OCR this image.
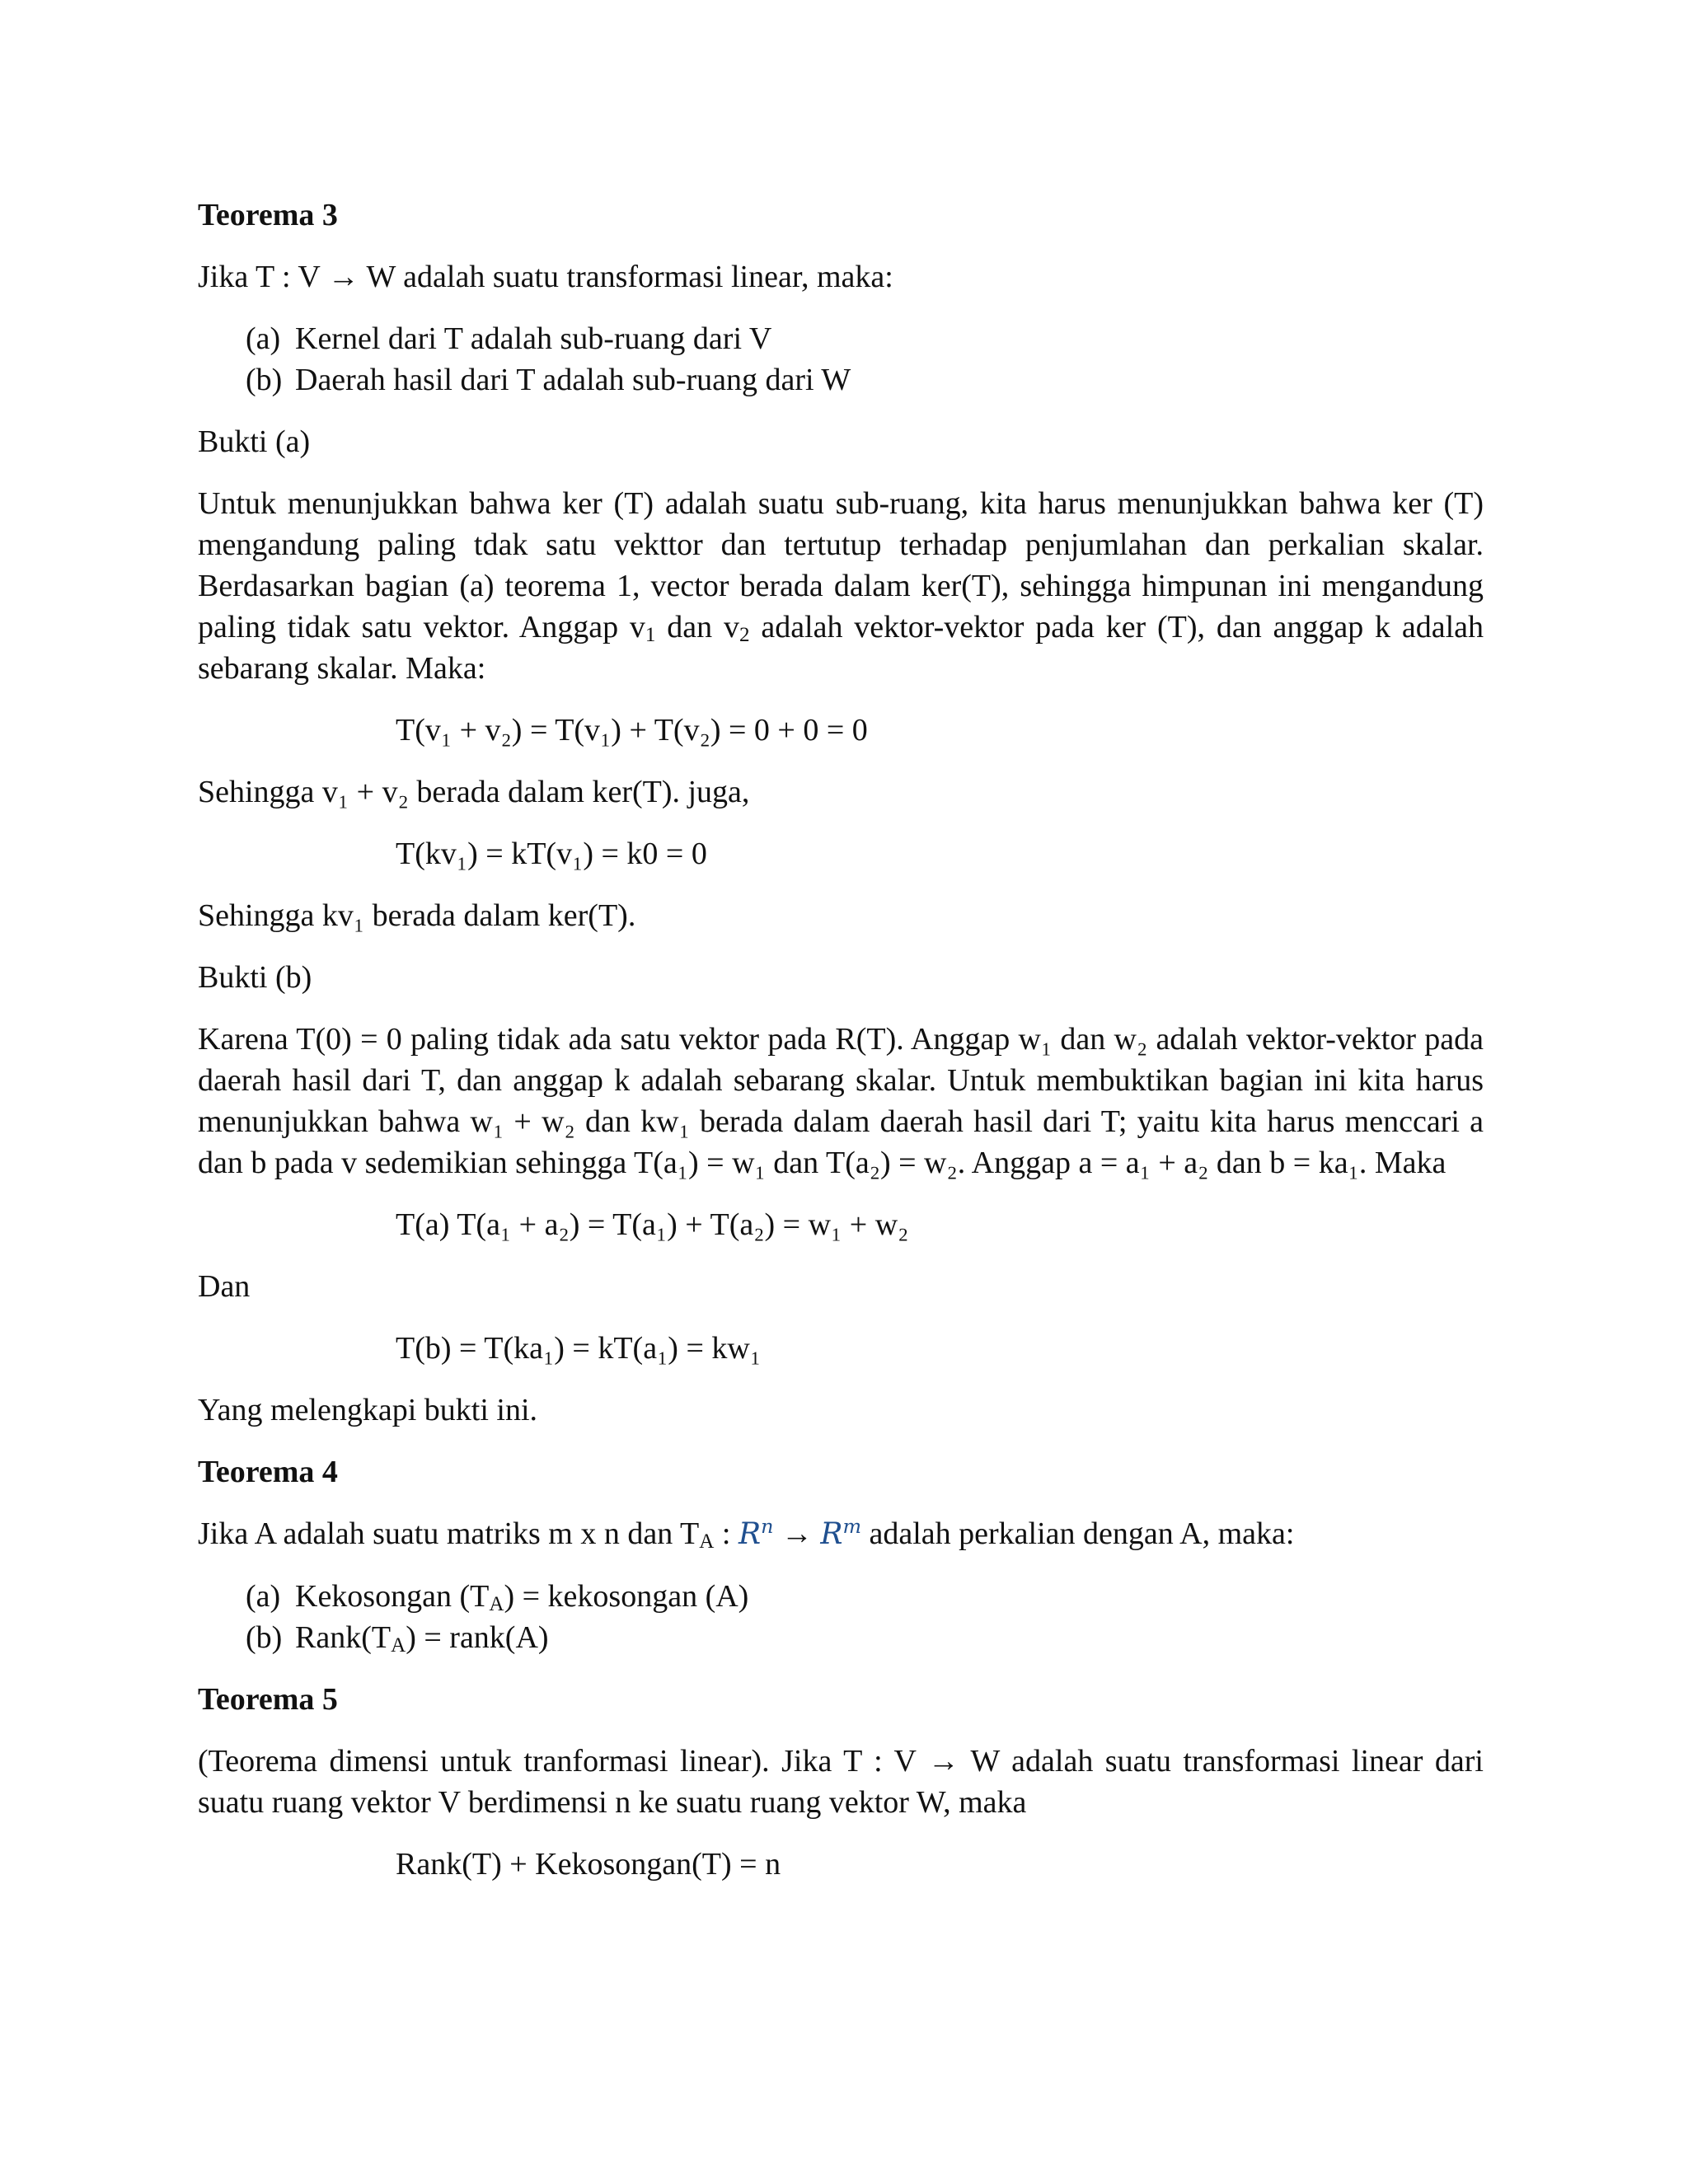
Teorema 3

Jika T : V → W adalah suatu transformasi linear, maka:

(a) Kernel dari T adalah sub-ruang dari V
(b) Daerah hasil dari T adalah sub-ruang dari W

Bukti (a)

Untuk menunjukkan bahwa ker (T) adalah suatu sub-ruang, kita harus menunjukkan bahwa ker (T) mengandung paling tdak satu vekttor dan tertutup terhadap penjumlahan dan perkalian skalar. Berdasarkan bagian (a) teorema 1, vector berada dalam ker(T), sehingga himpunan ini mengandung paling tidak satu vektor. Anggap $v_1$ dan $v_2$ adalah vektor-vektor pada ker (T), dan anggap k adalah sebarang skalar. Maka:

T(v₁ + v₂) = T(v₁) + T(v₂) = 0 + 0 = 0

Sehingga v₁ + v₂ berada dalam ker(T). juga,

T(kv₁) = kT(v₁) = k0 = 0

Sehingga kv₁ berada dalam ker(T).

Bukti (b)

Karena T(0) = 0 paling tidak ada satu vektor pada R(T). Anggap w₁ dan w₂ adalah vektor-vektor pada daerah hasil dari T, dan anggap k adalah sebarang skalar. Untuk membuktikan bagian ini kita harus menunjukkan bahwa w₁ + w₂ dan kw₁ berada dalam daerah hasil dari T; yaitu kita harus menccari a dan b pada v sedemikian sehingga T(a₁) = w₁ dan T(a₂) = w₂. Anggap a = a₁ + a₂ dan b = ka₁. Maka

T(a) T(a₁ + a₂) = T(a₁) + T(a₂) = w₁ + w₂

Dan

T(b) = T(ka₁) = kT(a₁) = kw₁

Yang melengkapi bukti ini.

Teorema 4

Jika A adalah suatu matriks m x n dan $T_A$ : $R^n \to R^m$ adalah perkalian dengan A, maka:

(a) Kekosongan $(T_A)$ = kekosongan (A)
(b) $Rank(T_A)$ = rank(A)
Teorema 5

(Teorema dimensi untuk tranformasi linear). Jika T : V → W adalah suatu transformasi linear dari suatu ruang vektor V berdimensi n ke suatu ruang vektor W, maka

Rank(T) + Kekosongan(T) = n
